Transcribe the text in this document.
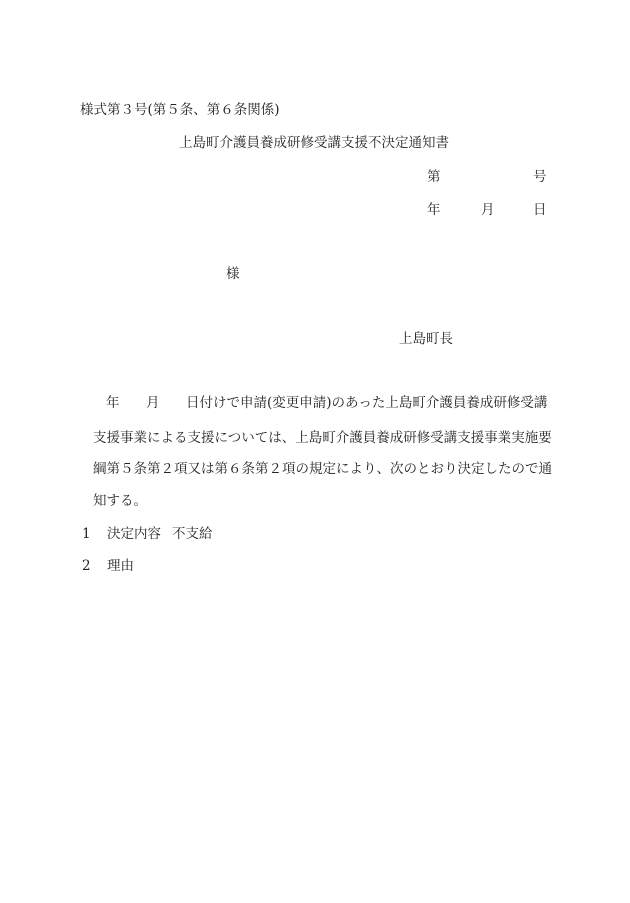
様式第３号(第５条、第６条関係)
上島町介護員養成研修受講支援不決定通知書
第	号
年	月	日
様
上島町長
年 月 日付けで申請(変更申請)のあった上島町介護員養成研修受講
支援事業による支援については、上島町介護員養成研修受講支援事業実施要
綱第５条第２項又は第６条第２項の規定により、次のとおり決定したので通
知する。
1 決定内容 不支給
2 理由
